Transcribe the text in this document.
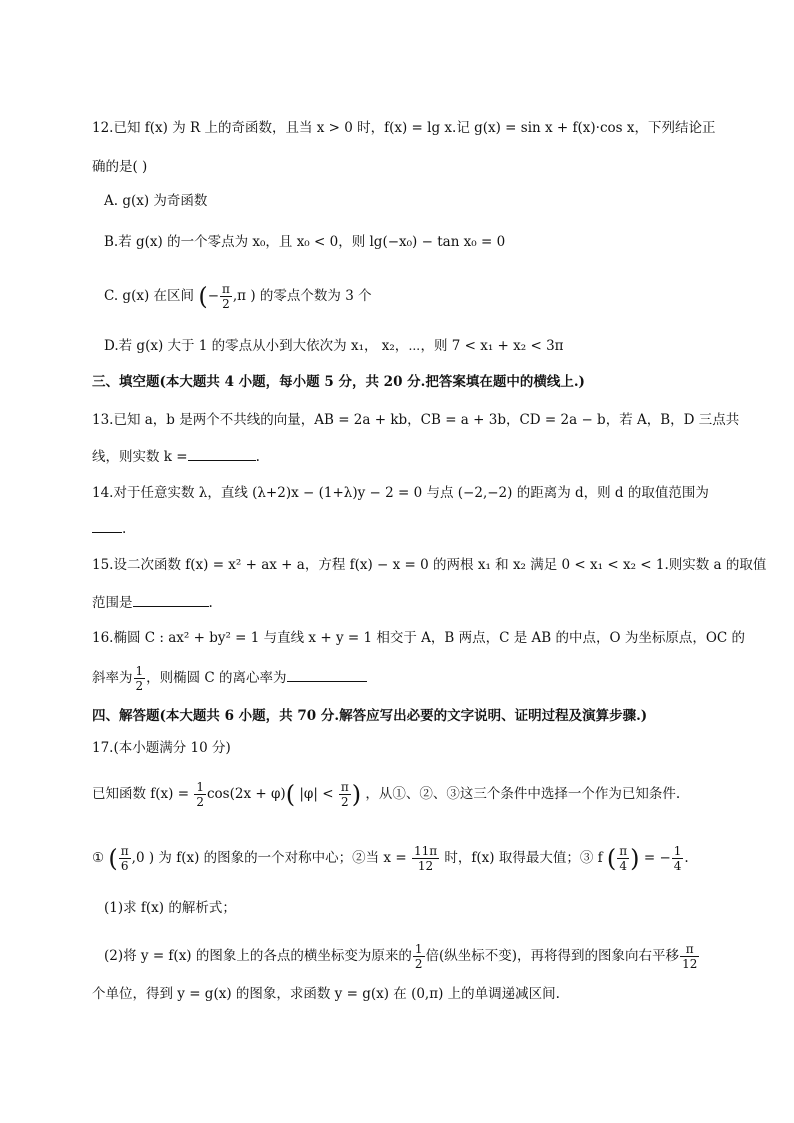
12.已知 f(x) 为 R 上的奇函数，且当 x > 0 时，f(x) = lg x.记 g(x) = sin x + f(x)·cos x，下列结论正
确的是( )
A. g(x) 为奇函数
B.若 g(x) 的一个零点为 x₀，且 x₀ < 0，则 lg(−x₀) − tan x₀ = 0
C. g(x) 在区间 (− $\frac{\pi}{2} ,\pi$ ) 的零点个数为 3 个
D.若 g(x) 大于 1 的零点从小到大依次为 x₁， x₂，⋯，则 7 < x₁ + x₂ < 3π
三、填空题(本大题共 4 小题，每小题 5 分，共 20 分.把答案填在题中的横线上.)
13.已知 a，b 是两个不共线的向量，AB = 2a + kb，CB = a + 3b，CD = 2a − b，若 A，B，D 三点共
线，则实数 k =	.
14.对于任意实数 λ，直线 (λ+2)x − (1+λ)y − 2 = 0 与点 (−2,−2) 的距离为 d，则 d 的取值范围为
.
15.设二次函数 f(x) = x² + ax + a，方程 f(x) − x = 0 的两根 x₁ 和 x₂ 满足 0 < x₁ < x₂ < 1.则实数 a 的取值
范围是	.
16.椭圆 C : ax² + by² = 1 与直线 x + y = 1 相交于 A，B 两点，C 是 AB 的中点，O 为坐标原点，OC 的
斜率为 $\frac{1}{2}$ ，则椭圆 C 的离心率为
四、解答题(本大题共 6 小题，共 70 分.解答应写出必要的文字说明、证明过程及演算步骤.)
17.(本小题满分 10 分)
已知函数 $f(x) = \frac{1}{2} \cos(2x + \varphi)$( $|\varphi| < \frac{\pi}{2}$ ) ，从①、②、③这三个条件中选择一个作为已知条件.
① ( $\frac{\pi}{6} ,0$ ) 为 f(x) 的图象的一个对称中心；②当 $x = \frac{11\pi}{12}$ 时，f(x) 取得最大值；③ f ( $\frac{\pi}{4}$ ) = − $\frac{1}{4}$ .
(1)求 f(x) 的解析式；
(2)将 y = f(x) 的图象上的各点的横坐标变为原来的 $\frac{1}{2}$ 倍(纵坐标不变)，再将得到的图象向右平移 $\frac{\pi}{12}$
个单位，得到 y = g(x) 的图象，求函数 y = g(x) 在 (0,π) 上的单调递减区间.
